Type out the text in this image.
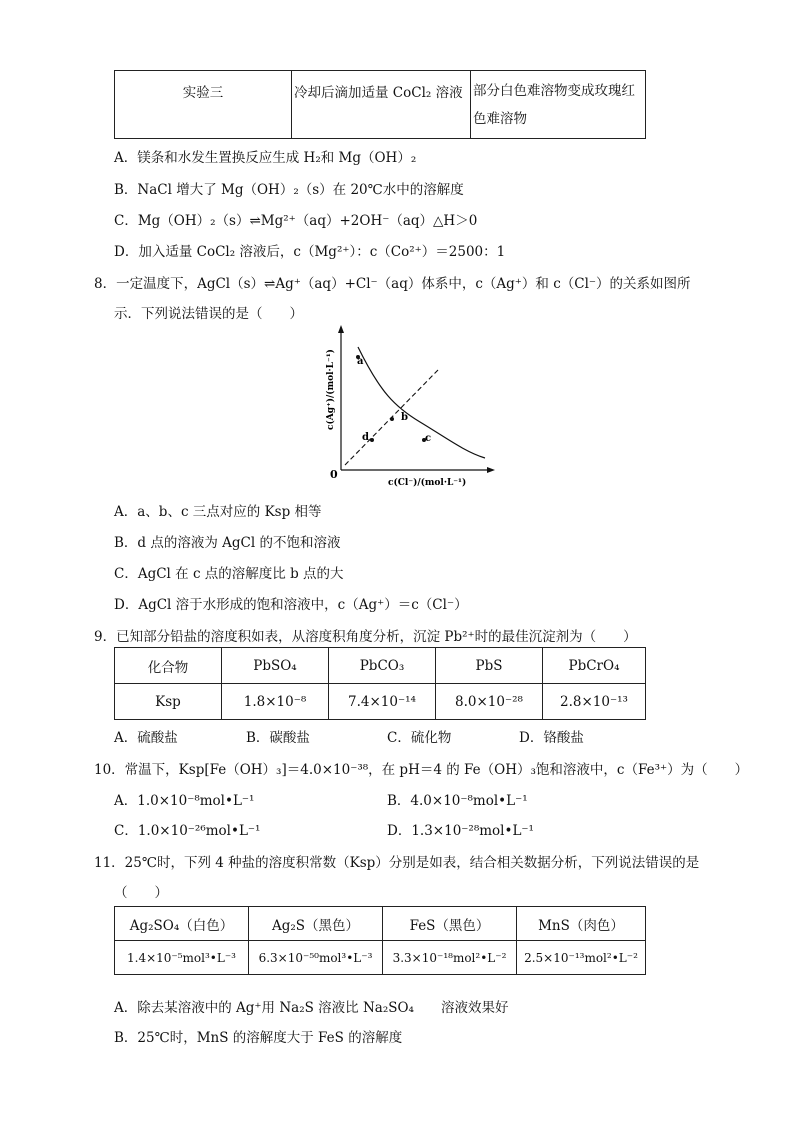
实验三	冷却后滴加适量 CoCl₂ 溶液	部分白色难溶物变成玫瑰红
色难溶物
A．镁条和水发生置换反应生成 H₂和 Mg（OH）₂
B．NaCl 增大了 Mg（OH）₂（s）在 20℃水中的溶解度
C．Mg（OH）₂（s）⇌Mg²⁺（aq）+2OH⁻（aq）△H＞0
D．加入适量 CoCl₂ 溶液后，c（Mg²⁺）：c（Co²⁺）＝2500：1
8．一定温度下，AgCl（s）⇌Ag⁺（aq）+Cl⁻（aq）体系中，c（Ag⁺）和 c（Cl⁻）的关系如图所
示．下列说法错误的是（　　）
a
b
c
d
0
c(Cl⁻)/(mol·L⁻¹)
c(Ag⁺)/(mol·L⁻¹)
A．a、b、c 三点对应的 Ksp 相等
B．d 点的溶液为 AgCl 的不饱和溶液
C．AgCl 在 c 点的溶解度比 b 点的大
D．AgCl 溶于水形成的饱和溶液中，c（Ag⁺）＝c（Cl⁻）
9．已知部分铅盐的溶度积如表，从溶度积角度分析，沉淀 Pb²⁺时的最佳沉淀剂为（　　）
化合物	PbSO₄	PbCO₃	PbS	PbCrO₄
Ksp	1.8×10⁻⁸	7.4×10⁻¹⁴	8.0×10⁻²⁸	2.8×10⁻¹³
A．硫酸盐	B．碳酸盐	C．硫化物	D．铬酸盐
10．常温下，Ksp[Fe（OH）₃]＝4.0×10⁻³⁸，在 pH＝4 的 Fe（OH）₃饱和溶液中，c（Fe³⁺）为（　　）
A．1.0×10⁻⁸mol•L⁻¹	B．4.0×10⁻⁸mol•L⁻¹
C．1.0×10⁻²⁶mol•L⁻¹	D．1.3×10⁻²⁸mol•L⁻¹
11．25℃时，下列 4 种盐的溶度积常数（Ksp）分别是如表，结合相关数据分析，下列说法错误的是
（　　）
Ag₂SO₄（白色）	Ag₂S（黑色）	FeS（黑色）	MnS（肉色）
1.4×10⁻⁵mol³•L⁻³	6.3×10⁻⁵⁰mol³•L⁻³	3.3×10⁻¹⁸mol²•L⁻²	2.5×10⁻¹³mol²•L⁻²
A．除去某溶液中的 Ag⁺用 Na₂S 溶液比 Na₂SO₄　　溶液效果好
B．25℃时，MnS 的溶解度大于 FeS 的溶解度
